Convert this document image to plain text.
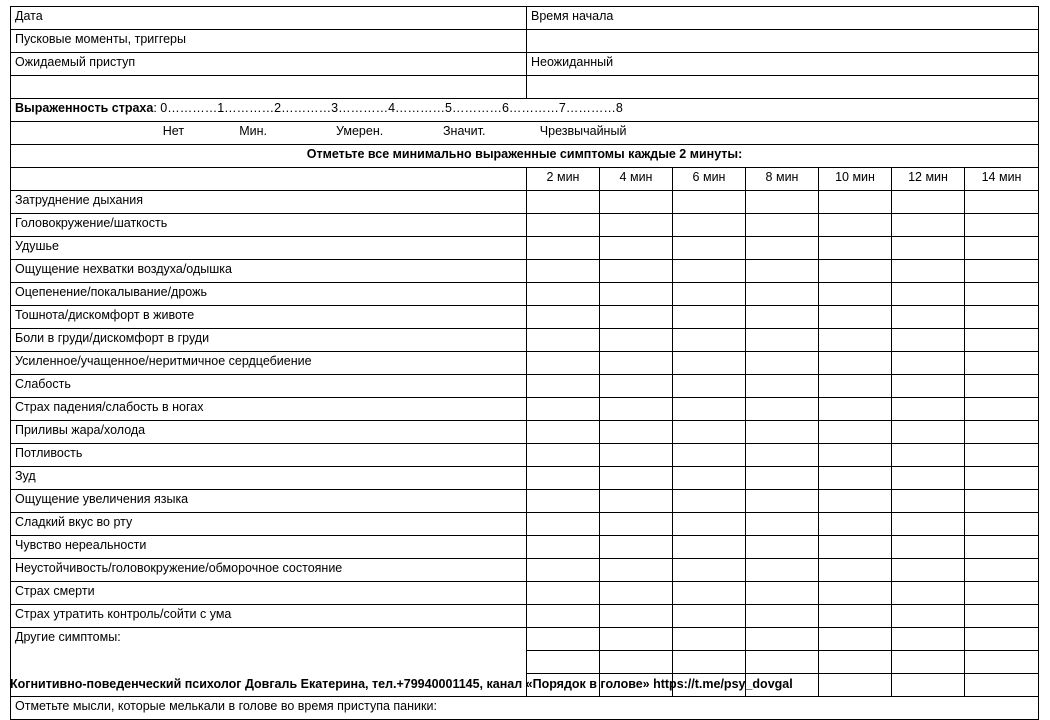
Дата	Время начала						
Пусковые моменты, триггеры							
Ожидаемый приступ	Неожиданный						

Выраженность страха: 0…………1…………2…………3…………4…………5…………6…………7…………8							

Нет Мин. Умерен. Значит. Чрезвычайный							

Отметьте все минимально выраженные симптомы каждые 2 минуты:							
	2 мин	4 мин	6 мин	8 мин	10 мин	12 мин	14 мин
Затруднение дыхания							
Головокружение/шаткость							
Удушье							
Ощущение нехватки воздуха/одышка							
Оцепенение/покалывание/дрожь							
Тошнота/дискомфорт в животе							
Боли в груди/дискомфорт в груди							
Усиленное/учащенное/неритмичное сердцебиение							
Слабость							
Страх падения/слабость в ногах							
Приливы жара/холода							
Потливость							
Зуд							
Ощущение увеличения языка							
Сладкий вкус во рту							
Чувство нереальности							
Неустойчивость/головокружение/обморочное состояние							
Страх смерти							
Страх утратить контроль/сойти с ума							
Другие симптомы:							

Отметьте мысли, которые мелькали в голове во время приступа паники:							
Когнитивно-поведенческий психолог Довгаль Екатерина, тел.+79940001145, канал «Порядок в голове» https://t.me/psy_dovgal
